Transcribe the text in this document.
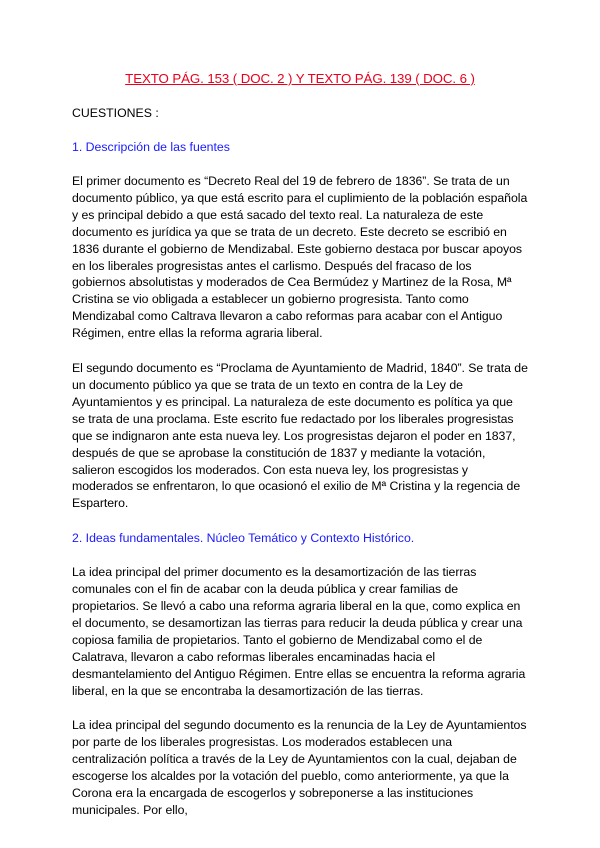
TEXTO PÁG. 153 ( DOC. 2 ) Y TEXTO PÁG. 139 ( DOC. 6 )
CUESTIONES :
1. Descripción de las fuentes

El primer documento es “Decreto Real del 19 de febrero de 1836”. Se trata de un documento público, ya que está escrito para el cuplimiento de la población española y es principal debido a que está sacado del texto real. La naturaleza de este documento es jurídica ya que se trata de un decreto. Este decreto se escribió en 1836 durante el gobierno de Mendizabal. Este gobierno destaca por buscar apoyos en los liberales progresistas antes el carlismo. Después del fracaso de los gobiernos absolutistas y moderados de Cea Bermúdez y Martinez de la Rosa, Mª Cristina se vio obligada a establecer un gobierno progresista. Tanto como Mendizabal como Caltrava llevaron a cabo reformas para acabar con el Antiguo Régimen, entre ellas la reforma agraria liberal.

El segundo documento es “Proclama de Ayuntamiento de Madrid, 1840”. Se trata de un documento público ya que se trata de un texto en contra de la Ley de Ayuntamientos y es principal. La naturaleza de este documento es política ya que se trata de una proclama. Este escrito fue redactado por los liberales progresistas que se indignaron ante esta nueva ley. Los progresistas dejaron el poder en 1837, después de que se aprobase la constitución de 1837 y mediante la votación, salieron escogidos los moderados. Con esta nueva ley, los progresistas y moderados se enfrentaron, lo que ocasionó el exilio de Mª Cristina y la regencia de Espartero.

2. Ideas fundamentales. Núcleo Temático y Contexto Histórico.

La idea principal del primer documento es la desamortización de las tierras comunales con el fin de acabar con la deuda pública y crear familias de propietarios. Se llevó a cabo una reforma agraria liberal en la que, como explica en el documento, se desamortizan las tierras para reducir la deuda pública y crear una copiosa familia de propietarios. Tanto el gobierno de Mendizabal como el de Calatrava, llevaron a cabo reformas liberales encaminadas hacia el desmantelamiento del Antiguo Régimen. Entre ellas se encuentra la reforma agraria liberal, en la que se encontraba la desamortización de las tierras.

La idea principal del segundo documento es la renuncia de la Ley de Ayuntamientos por parte de los liberales progresistas. Los moderados establecen una centralización política a través de la Ley de Ayuntamientos con la cual, dejaban de escogerse los alcaldes por la votación del pueblo, como anteriormente, ya que la Corona era la encargada de escogerlos y sobreponerse a las instituciones municipales. Por ello,
